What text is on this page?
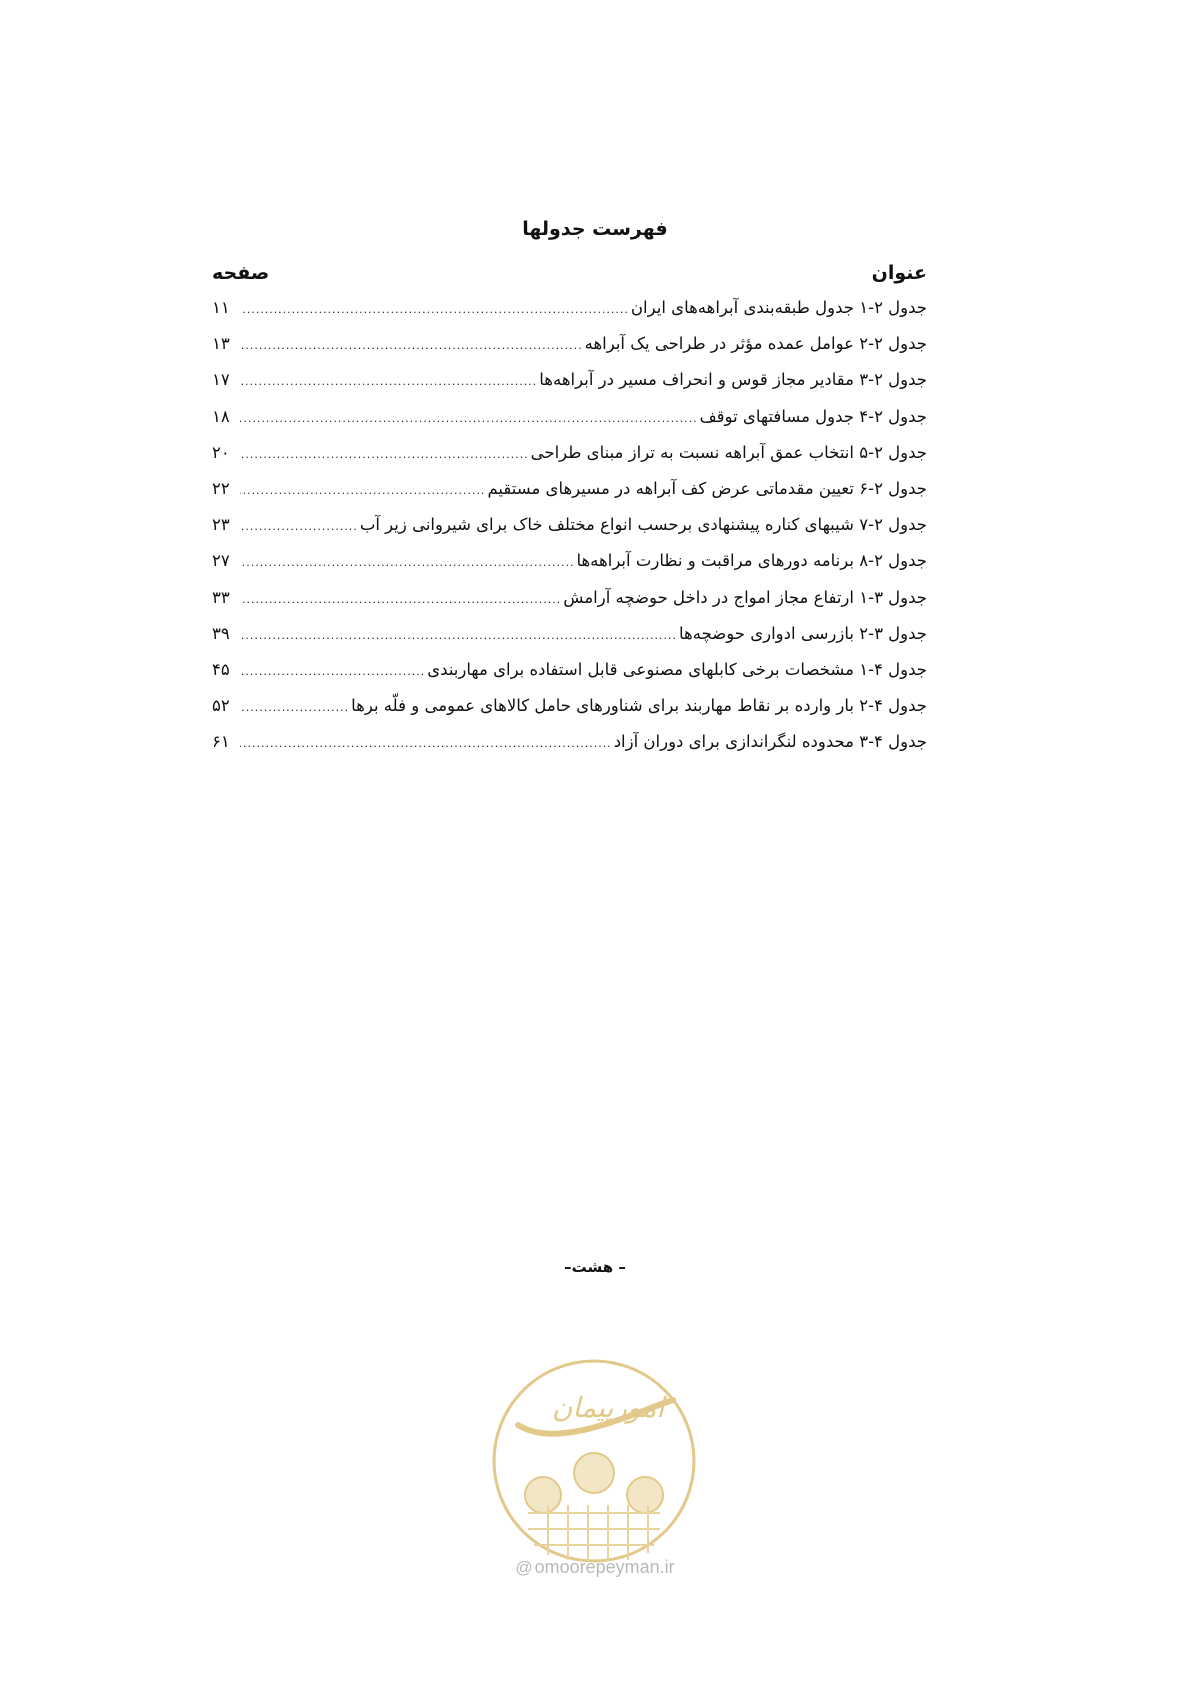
فهرست جدولها
عنوان
صفحه
جدول ۲-۱ جدول طبقه‌بندی آبراهه‌های ایران
.....
۱۱
جدول ۲-۲ عوامل عمده مؤثر در طراحی یک آبراهه
.....
۱۳
جدول ۲-۳ مقادیر مجاز قوس و انحراف مسیر در آبراهه‌ها
.....
۱۷
جدول ۲-۴ جدول مسافتهای توقف
.....
۱۸
جدول ۲-۵ انتخاب عمق آبراهه نسبت به تراز مبنای طراحی
.....
۲۰
جدول ۲-۶ تعیین مقدماتی عرض کف آبراهه در مسیرهای مستقیم
.....
۲۲
جدول ۲-۷ شیبهای کناره پیشنهادی برحسب انواع مختلف خاک برای شیروانی زیر آب
.....
۲۳
جدول ۲-۸ برنامه دورهای مراقبت و نظارت آبراهه‌ها
.....
۲۷
جدول ۳-۱ ارتفاع مجاز امواج در داخل حوضچه آرامش
.....
۳۳
جدول ۳-۲ بازرسی ادواری حوضچه‌ها
.....
۳۹
جدول ۴-۱ مشخصات برخی کابلهای مصنوعی قابل استفاده برای مهاربندی
.....
۴۵
جدول ۴-۲ بار وارده بر نقاط مهاربند برای شناورهای حامل کالاهای عمومی و فلّه برها
.....
۵۲
جدول ۴-۳ محدوده لنگراندازی برای دوران آزاد
.....
۶۱
– هشت–
امورپیمان
@ omoorepeyman.ir
